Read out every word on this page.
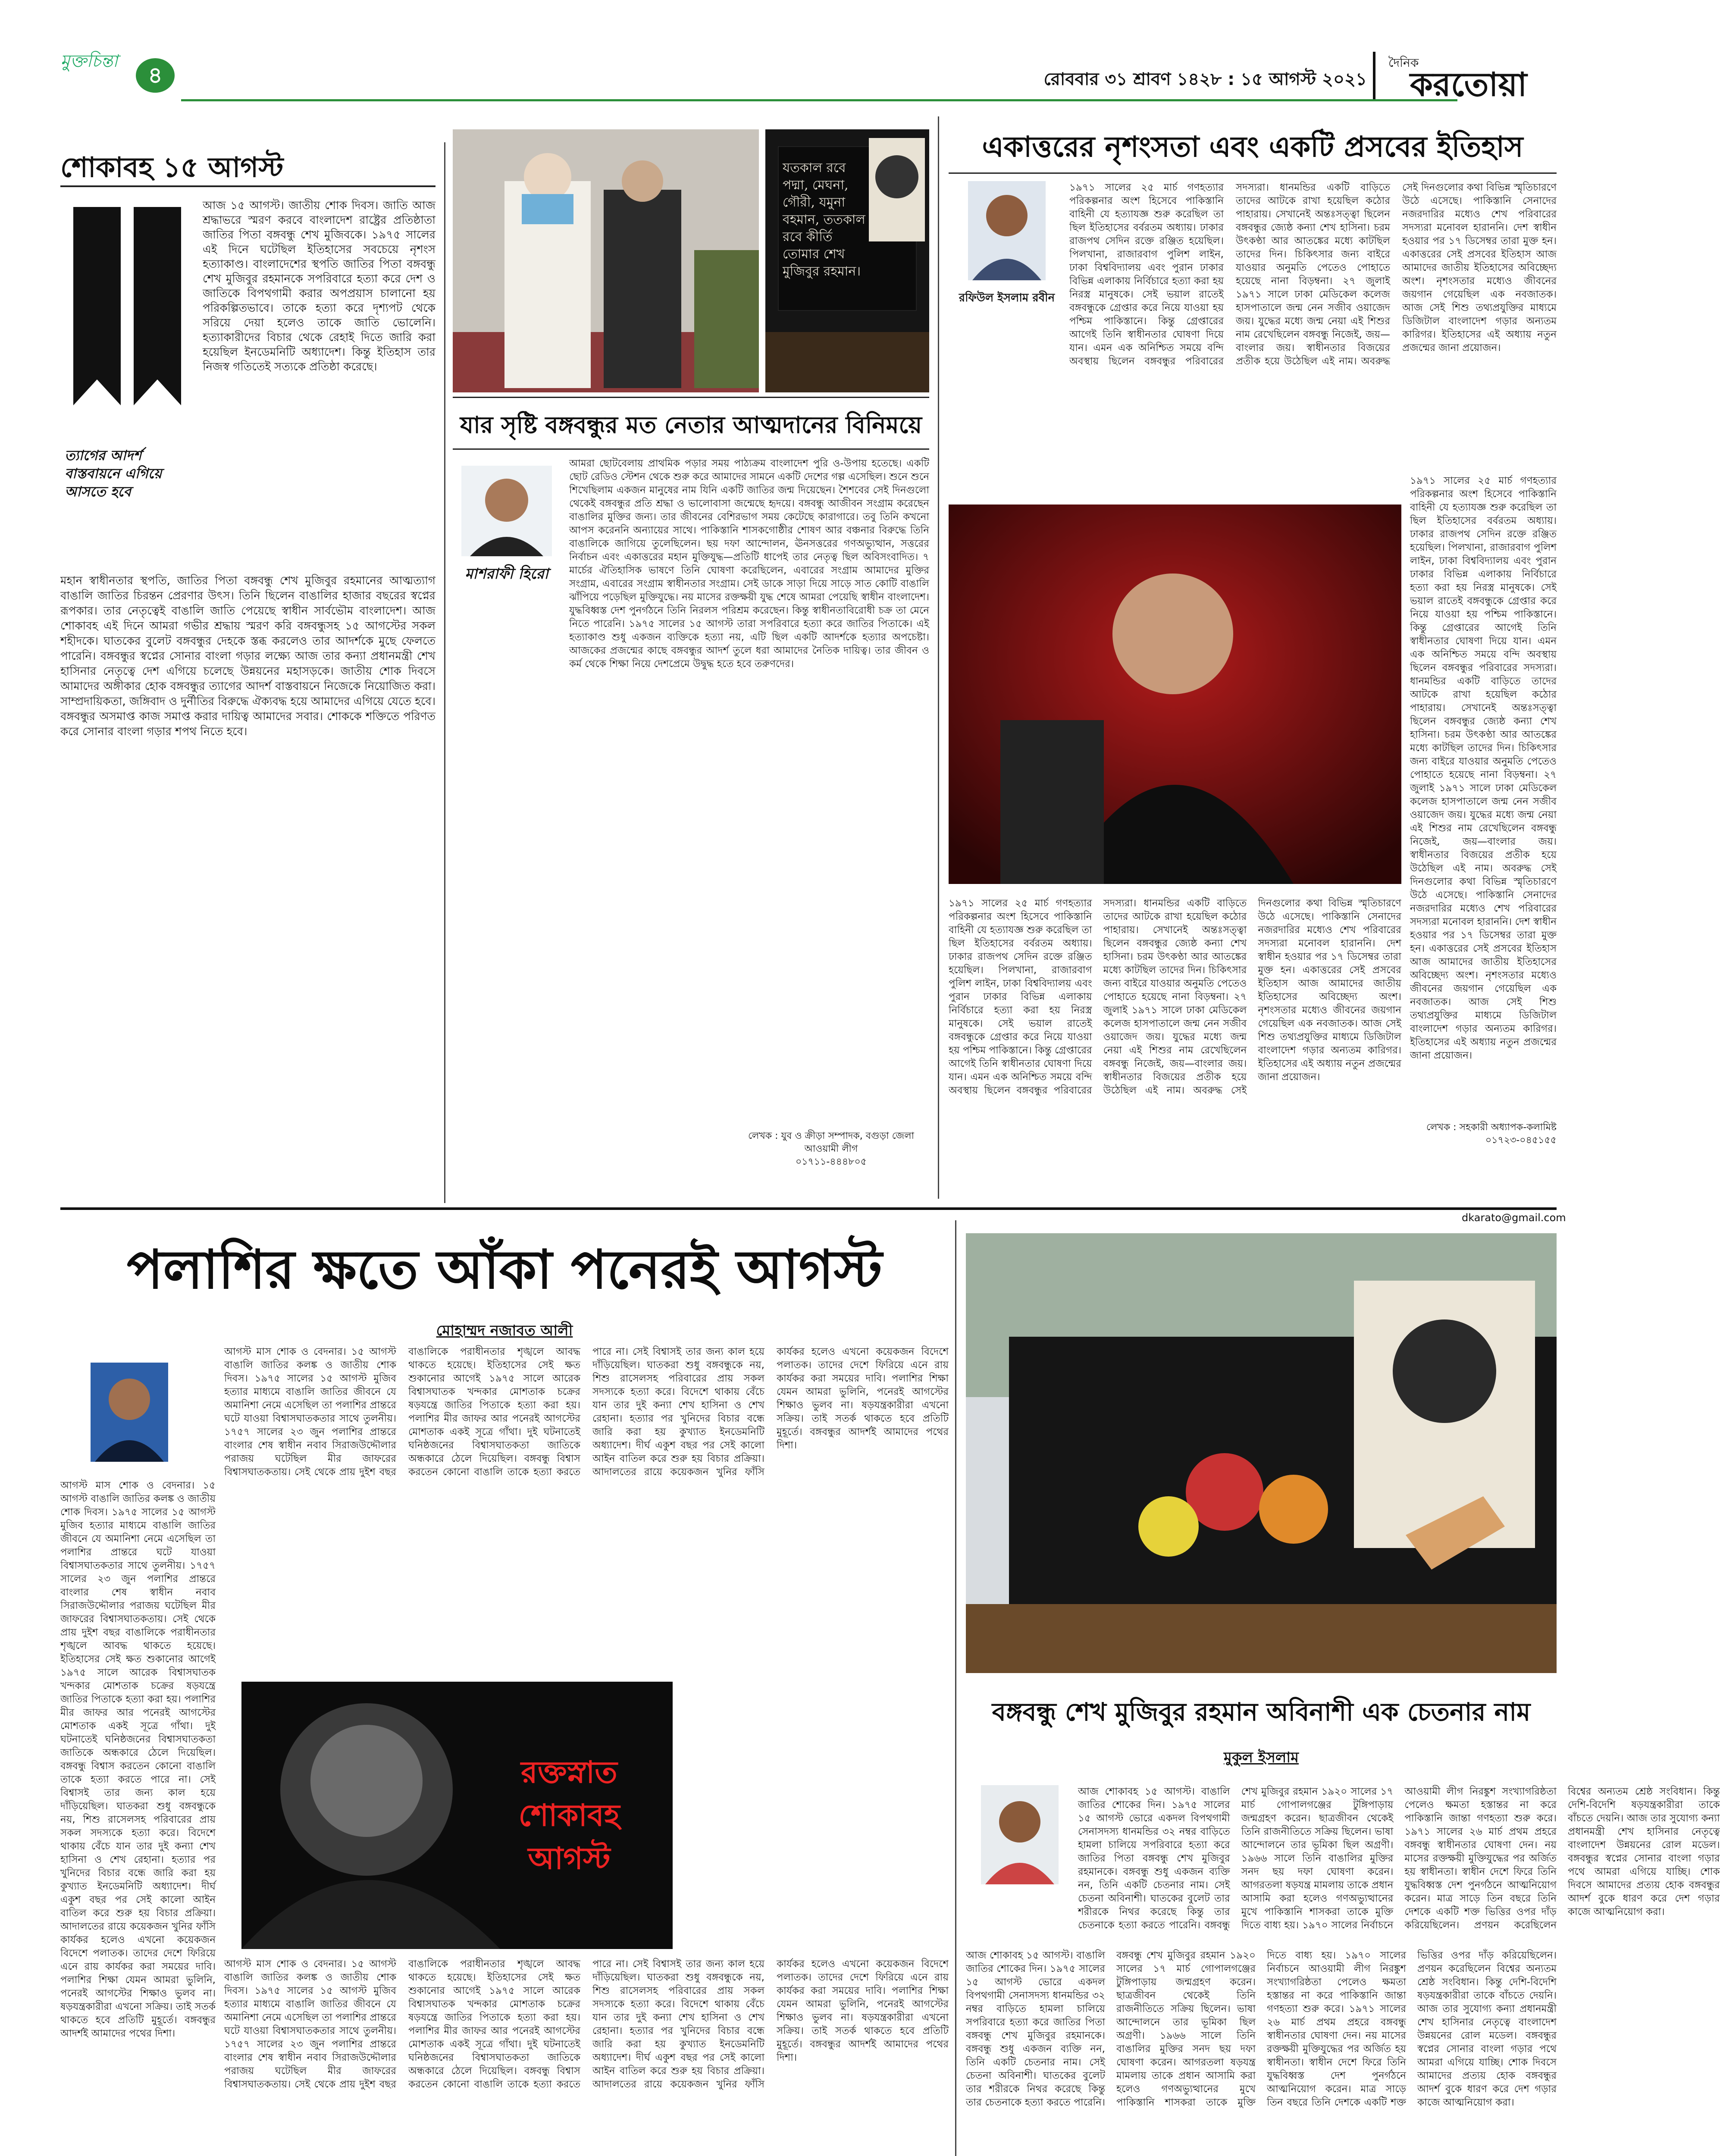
মুক্তচিন্তা
৪	রোববার ৩১ শ্রাবণ ১৪২৮ : ১৫ আগস্ট ২০২১
দৈনিক
করতোয়া
শোকাবহ ১৫ আগস্ট
ত্যাগের আদর্শ বাস্তবায়নে এগিয়ে আসতে হবে
আজ ১৫ আগস্ট। জাতীয় শোক দিবস। জাতি আজ শ্রদ্ধাভরে স্মরণ করবে বাংলাদেশ রাষ্ট্রের প্রতিষ্ঠাতা জাতির পিতা বঙ্গবন্ধু শেখ মুজিবকে। ১৯৭৫ সালের এই দিনে ঘটেছিল ইতিহাসের সবচেয়ে নৃশংস হত্যাকাণ্ড। বাংলাদেশের স্থপতি জাতির পিতা বঙ্গবন্ধু শেখ মুজিবুর রহমানকে সপরিবারে হত্যা করে দেশ ও জাতিকে বিপথগামী করার অপপ্রয়াস চালানো হয় পরিকল্পিতভাবে। তাকে হত্যা করে দৃশ্যপট থেকে সরিয়ে দেয়া হলেও তাকে জাতি ভোলেনি। হত্যাকারীদের বিচার থেকে রেহাই দিতে জারি করা হয়েছিল ইনডেমনিটি অধ্যাদেশ। কিন্তু ইতিহাস তার নিজস্ব গতিতেই সত্যকে প্রতিষ্ঠা করেছে।
মহান স্বাধীনতার স্থপতি, জাতির পিতা বঙ্গবন্ধু শেখ মুজিবুর রহমানের আত্মত্যাগ বাঙালি জাতির চিরন্তন প্রেরণার উৎস। তিনি ছিলেন বাঙালির হাজার বছরের স্বপ্নের রূপকার। তার নেতৃত্বেই বাঙালি জাতি পেয়েছে স্বাধীন সার্বভৌম বাংলাদেশ। আজ শোকাবহ এই দিনে আমরা গভীর শ্রদ্ধায় স্মরণ করি বঙ্গবন্ধুসহ ১৫ আগস্টের সকল শহীদকে। ঘাতকের বুলেট বঙ্গবন্ধুর দেহকে স্তব্ধ করলেও তার আদর্শকে মুছে ফেলতে পারেনি। বঙ্গবন্ধুর স্বপ্নের সোনার বাংলা গড়ার লক্ষ্যে আজ তার কন্যা প্রধানমন্ত্রী শেখ হাসিনার নেতৃত্বে দেশ এগিয়ে চলেছে উন্নয়নের মহাসড়কে। জাতীয় শোক দিবসে আমাদের অঙ্গীকার হোক বঙ্গবন্ধুর ত্যাগের আদর্শ বাস্তবায়নে নিজেকে নিয়োজিত করা। সাম্প্রদায়িকতা, জঙ্গিবাদ ও দুর্নীতির বিরুদ্ধে ঐক্যবদ্ধ হয়ে আমাদের এগিয়ে যেতে হবে। বঙ্গবন্ধুর অসমাপ্ত কাজ সমাপ্ত করার দায়িত্ব আমাদের সবার। শোককে শক্তিতে পরিণত করে সোনার বাংলা গড়ার শপথ নিতে হবে।
যতকাল রবে পদ্মা, মেঘনা, গৌরী, যমুনা বহমান, ততকাল রবে কীর্তি তোমার শেখ মুজিবুর রহমান।
যার সৃষ্টি বঙ্গবন্ধুর মত নেতার আত্মদানের বিনিময়ে
মাশরাফী হিরো
আমরা ছোটবেলায় প্রাথমিক পড়ার সময় পাঠ্যক্রম বাংলাদেশ পুরি ও-উপায় হতেছে। একটি ছোট রেডিও স্টেশন থেকে শুরু করে আমাদের সামনে একটি দেশের গল্প এসেছিল। শুনে শুনে শিখেছিলাম একজন মানুষের নাম যিনি একটি জাতির জন্ম দিয়েছেন। শৈশবের সেই দিনগুলো থেকেই বঙ্গবন্ধুর প্রতি শ্রদ্ধা ও ভালোবাসা জন্মেছে হৃদয়ে। বঙ্গবন্ধু আজীবন সংগ্রাম করেছেন বাঙালির মুক্তির জন্য। তার জীবনের বেশিরভাগ সময় কেটেছে কারাগারে। তবু তিনি কখনো আপস করেননি অন্যায়ের সাথে। পাকিস্তানি শাসকগোষ্ঠীর শোষণ আর বঞ্চনার বিরুদ্ধে তিনি বাঙালিকে জাগিয়ে তুলেছিলেন। ছয় দফা আন্দোলন, ঊনসত্তরের গণঅভ্যুত্থান, সত্তরের নির্বাচন এবং একাত্তরের মহান মুক্তিযুদ্ধ—প্রতিটি ধাপেই তার নেতৃত্ব ছিল অবিসংবাদিত। ৭ মার্চের ঐতিহাসিক ভাষণে তিনি ঘোষণা করেছিলেন, এবারের সংগ্রাম আমাদের মুক্তির সংগ্রাম, এবারের সংগ্রাম স্বাধীনতার সংগ্রাম। সেই ডাকে সাড়া দিয়ে সাড়ে সাত কোটি বাঙালি ঝাঁপিয়ে পড়েছিল মুক্তিযুদ্ধে। নয় মাসের রক্তক্ষয়ী যুদ্ধ শেষে আমরা পেয়েছি স্বাধীন বাংলাদেশ। যুদ্ধবিধ্বস্ত দেশ পুনর্গঠনে তিনি নিরলস পরিশ্রম করেছেন। কিন্তু স্বাধীনতাবিরোধী চক্র তা মেনে নিতে পারেনি। ১৯৭৫ সালের ১৫ আগস্ট তারা সপরিবারে হত্যা করে জাতির পিতাকে। এই হত্যাকাণ্ড শুধু একজন ব্যক্তিকে হত্যা নয়, এটি ছিল একটি আদর্শকে হত্যার অপচেষ্টা। আজকের প্রজন্মের কাছে বঙ্গবন্ধুর আদর্শ তুলে ধরা আমাদের নৈতিক দায়িত্ব। তার জীবন ও কর্ম থেকে শিক্ষা নিয়ে দেশপ্রেমে উদ্বুদ্ধ হতে হবে তরুণদের।
লেখক : যুব ও ক্রীড়া সম্পাদক, বগুড়া জেলা আওয়ামী লীগ
০১৭১১-৪৪৪৮০৫
একাত্তরের নৃশংসতা এবং একটি প্রসবের ইতিহাস
রফিউল ইসলাম রবীন
১৯৭১ সালের ২৫ মার্চ গণহত্যার পরিকল্পনার অংশ হিসেবে পাকিস্তানি বাহিনী যে হত্যাযজ্ঞ শুরু করেছিল তা ছিল ইতিহাসের বর্বরতম অধ্যায়। ঢাকার রাজপথ সেদিন রক্তে রঞ্জিত হয়েছিল। পিলখানা, রাজারবাগ পুলিশ লাইন, ঢাকা বিশ্ববিদ্যালয় এবং পুরান ঢাকার বিভিন্ন এলাকায় নির্বিচারে হত্যা করা হয় নিরস্ত্র মানুষকে। সেই ভয়াল রাতেই বঙ্গবন্ধুকে গ্রেপ্তার করে নিয়ে যাওয়া হয় পশ্চিম পাকিস্তানে। কিন্তু গ্রেপ্তারের আগেই তিনি স্বাধীনতার ঘোষণা দিয়ে যান। এমন এক অনিশ্চিত সময়ে বন্দি অবস্থায় ছিলেন বঙ্গবন্ধুর পরিবারের সদস্যরা। ধানমন্ডির একটি বাড়িতে তাদের আটকে রাখা হয়েছিল কঠোর পাহারায়। সেখানেই অন্তঃসত্ত্বা ছিলেন বঙ্গবন্ধুর জ্যেষ্ঠ কন্যা শেখ হাসিনা। চরম উৎকণ্ঠা আর আতঙ্কের মধ্যে কাটছিল তাদের দিন। চিকিৎসার জন্য বাইরে যাওয়ার অনুমতি পেতেও পোহাতে হয়েছে নানা বিড়ম্বনা। ২৭ জুলাই ১৯৭১ সালে ঢাকা মেডিকেল কলেজ হাসপাতালে জন্ম নেন সজীব ওয়াজেদ জয়। যুদ্ধের মধ্যে জন্ম নেয়া এই শিশুর নাম রেখেছিলেন বঙ্গবন্ধু নিজেই, জয়—বাংলার জয়। স্বাধীনতার বিজয়ের প্রতীক হয়ে উঠেছিল এই নাম। অবরুদ্ধ সেই দিনগুলোর কথা বিভিন্ন স্মৃতিচারণে উঠে এসেছে। পাকিস্তানি সেনাদের নজরদারির মধ্যেও শেখ পরিবারের সদস্যরা মনোবল হারাননি। দেশ স্বাধীন হওয়ার পর ১৭ ডিসেম্বর তারা মুক্ত হন। একাত্তরের সেই প্রসবের ইতিহাস আজ আমাদের জাতীয় ইতিহাসের অবিচ্ছেদ্য অংশ। নৃশংসতার মধ্যেও জীবনের জয়গান গেয়েছিল এক নবজাতক। আজ সেই শিশু তথ্যপ্রযুক্তির মাধ্যমে ডিজিটাল বাংলাদেশ গড়ার অন্যতম কারিগর। ইতিহাসের এই অধ্যায় নতুন প্রজন্মের জানা প্রয়োজন।
১৯৭১ সালের ২৫ মার্চ গণহত্যার পরিকল্পনার অংশ হিসেবে পাকিস্তানি বাহিনী যে হত্যাযজ্ঞ শুরু করেছিল তা ছিল ইতিহাসের বর্বরতম অধ্যায়। ঢাকার রাজপথ সেদিন রক্তে রঞ্জিত হয়েছিল। পিলখানা, রাজারবাগ পুলিশ লাইন, ঢাকা বিশ্ববিদ্যালয় এবং পুরান ঢাকার বিভিন্ন এলাকায় নির্বিচারে হত্যা করা হয় নিরস্ত্র মানুষকে। সেই ভয়াল রাতেই বঙ্গবন্ধুকে গ্রেপ্তার করে নিয়ে যাওয়া হয় পশ্চিম পাকিস্তানে। কিন্তু গ্রেপ্তারের আগেই তিনি স্বাধীনতার ঘোষণা দিয়ে যান। এমন এক অনিশ্চিত সময়ে বন্দি অবস্থায় ছিলেন বঙ্গবন্ধুর পরিবারের সদস্যরা। ধানমন্ডির একটি বাড়িতে তাদের আটকে রাখা হয়েছিল কঠোর পাহারায়। সেখানেই অন্তঃসত্ত্বা ছিলেন বঙ্গবন্ধুর জ্যেষ্ঠ কন্যা শেখ হাসিনা। চরম উৎকণ্ঠা আর আতঙ্কের মধ্যে কাটছিল তাদের দিন। চিকিৎসার জন্য বাইরে যাওয়ার অনুমতি পেতেও পোহাতে হয়েছে নানা বিড়ম্বনা। ২৭ জুলাই ১৯৭১ সালে ঢাকা মেডিকেল কলেজ হাসপাতালে জন্ম নেন সজীব ওয়াজেদ জয়। যুদ্ধের মধ্যে জন্ম নেয়া এই শিশুর নাম রেখেছিলেন বঙ্গবন্ধু নিজেই, জয়—বাংলার জয়। স্বাধীনতার বিজয়ের প্রতীক হয়ে উঠেছিল এই নাম। অবরুদ্ধ সেই দিনগুলোর কথা বিভিন্ন স্মৃতিচারণে উঠে এসেছে। পাকিস্তানি সেনাদের নজরদারির মধ্যেও শেখ পরিবারের সদস্যরা মনোবল হারাননি। দেশ স্বাধীন হওয়ার পর ১৭ ডিসেম্বর তারা মুক্ত হন। একাত্তরের সেই প্রসবের ইতিহাস আজ আমাদের জাতীয় ইতিহাসের অবিচ্ছেদ্য অংশ। নৃশংসতার মধ্যেও জীবনের জয়গান গেয়েছিল এক নবজাতক। আজ সেই শিশু তথ্যপ্রযুক্তির মাধ্যমে ডিজিটাল বাংলাদেশ গড়ার অন্যতম কারিগর। ইতিহাসের এই অধ্যায় নতুন প্রজন্মের জানা প্রয়োজন।
১৯৭১ সালের ২৫ মার্চ গণহত্যার পরিকল্পনার অংশ হিসেবে পাকিস্তানি বাহিনী যে হত্যাযজ্ঞ শুরু করেছিল তা ছিল ইতিহাসের বর্বরতম অধ্যায়। ঢাকার রাজপথ সেদিন রক্তে রঞ্জিত হয়েছিল। পিলখানা, রাজারবাগ পুলিশ লাইন, ঢাকা বিশ্ববিদ্যালয় এবং পুরান ঢাকার বিভিন্ন এলাকায় নির্বিচারে হত্যা করা হয় নিরস্ত্র মানুষকে। সেই ভয়াল রাতেই বঙ্গবন্ধুকে গ্রেপ্তার করে নিয়ে যাওয়া হয় পশ্চিম পাকিস্তানে। কিন্তু গ্রেপ্তারের আগেই তিনি স্বাধীনতার ঘোষণা দিয়ে যান। এমন এক অনিশ্চিত সময়ে বন্দি অবস্থায় ছিলেন বঙ্গবন্ধুর পরিবারের সদস্যরা। ধানমন্ডির একটি বাড়িতে তাদের আটকে রাখা হয়েছিল কঠোর পাহারায়। সেখানেই অন্তঃসত্ত্বা ছিলেন বঙ্গবন্ধুর জ্যেষ্ঠ কন্যা শেখ হাসিনা। চরম উৎকণ্ঠা আর আতঙ্কের মধ্যে কাটছিল তাদের দিন। চিকিৎসার জন্য বাইরে যাওয়ার অনুমতি পেতেও পোহাতে হয়েছে নানা বিড়ম্বনা। ২৭ জুলাই ১৯৭১ সালে ঢাকা মেডিকেল কলেজ হাসপাতালে জন্ম নেন সজীব ওয়াজেদ জয়। যুদ্ধের মধ্যে জন্ম নেয়া এই শিশুর নাম রেখেছিলেন বঙ্গবন্ধু নিজেই, জয়—বাংলার জয়। স্বাধীনতার বিজয়ের প্রতীক হয়ে উঠেছিল এই নাম। অবরুদ্ধ সেই দিনগুলোর কথা বিভিন্ন স্মৃতিচারণে উঠে এসেছে। পাকিস্তানি সেনাদের নজরদারির মধ্যেও শেখ পরিবারের সদস্যরা মনোবল হারাননি। দেশ স্বাধীন হওয়ার পর ১৭ ডিসেম্বর তারা মুক্ত হন। একাত্তরের সেই প্রসবের ইতিহাস আজ আমাদের জাতীয় ইতিহাসের অবিচ্ছেদ্য অংশ। নৃশংসতার মধ্যেও জীবনের জয়গান গেয়েছিল এক নবজাতক। আজ সেই শিশু তথ্যপ্রযুক্তির মাধ্যমে ডিজিটাল বাংলাদেশ গড়ার অন্যতম কারিগর। ইতিহাসের এই অধ্যায় নতুন প্রজন্মের জানা প্রয়োজন।
লেখক : সহকারী অধ্যাপক-কলামিষ্ট
০১৭২৩-০৪৫১৫৫
dkarato@gmail.com
পলাশির ক্ষতে আঁকা পনেরই আগস্ট
মোহাম্মদ নজাবত আলী
আগস্ট মাস শোক ও বেদনার। ১৫ আগস্ট বাঙালি জাতির কলঙ্ক ও জাতীয় শোক দিবস। ১৯৭৫ সালের ১৫ আগস্ট মুজিব হত্যার মাধ্যমে বাঙালি জাতির জীবনে যে অমানিশা নেমে এসেছিল তা পলাশির প্রান্তরে ঘটে যাওয়া বিশ্বাসঘাতকতার সাথে তুলনীয়। ১৭৫৭ সালের ২৩ জুন পলাশির প্রান্তরে বাংলার শেষ স্বাধীন নবাব সিরাজউদ্দৌলার পরাজয় ঘটেছিল মীর জাফরের বিশ্বাসঘাতকতায়। সেই থেকে প্রায় দুইশ বছর বাঙালিকে পরাধীনতার শৃঙ্খলে আবদ্ধ থাকতে হয়েছে। ইতিহাসের সেই ক্ষত শুকানোর আগেই ১৯৭৫ সালে আরেক বিশ্বাসঘাতক খন্দকার মোশতাক চক্রের ষড়যন্ত্রে জাতির পিতাকে হত্যা করা হয়। পলাশির মীর জাফর আর পনেরই আগস্টের মোশতাক একই সূত্রে গাঁথা। দুই ঘটনাতেই ঘনিষ্ঠজনের বিশ্বাসঘাতকতা জাতিকে অন্ধকারে ঠেলে দিয়েছিল। বঙ্গবন্ধু বিশ্বাস করতেন কোনো বাঙালি তাকে হত্যা করতে পারে না। সেই বিশ্বাসই তার জন্য কাল হয়ে দাঁড়িয়েছিল। ঘাতকরা শুধু বঙ্গবন্ধুকে নয়, শিশু রাসেলসহ পরিবারের প্রায় সকল সদস্যকে হত্যা করে। বিদেশে থাকায় বেঁচে যান তার দুই কন্যা শেখ হাসিনা ও শেখ রেহানা। হত্যার পর খুনিদের বিচার বন্ধে জারি করা হয় কুখ্যাত ইনডেমনিটি অধ্যাদেশ। দীর্ঘ একুশ বছর পর সেই কালো আইন বাতিল করে শুরু হয় বিচার প্রক্রিয়া। আদালতের রায়ে কয়েকজন খুনির ফাঁসি কার্যকর হলেও এখনো কয়েকজন বিদেশে পলাতক। তাদের দেশে ফিরিয়ে এনে রায় কার্যকর করা সময়ের দাবি। পলাশির শিক্ষা যেমন আমরা ভুলিনি, পনেরই আগস্টের শিক্ষাও ভুলব না। ষড়যন্ত্রকারীরা এখনো সক্রিয়। তাই সতর্ক থাকতে হবে প্রতিটি মুহূর্তে। বঙ্গবন্ধুর আদর্শই আমাদের পথের দিশা।
আগস্ট মাস শোক ও বেদনার। ১৫ আগস্ট বাঙালি জাতির কলঙ্ক ও জাতীয় শোক দিবস। ১৯৭৫ সালের ১৫ আগস্ট মুজিব হত্যার মাধ্যমে বাঙালি জাতির জীবনে যে অমানিশা নেমে এসেছিল তা পলাশির প্রান্তরে ঘটে যাওয়া বিশ্বাসঘাতকতার সাথে তুলনীয়। ১৭৫৭ সালের ২৩ জুন পলাশির প্রান্তরে বাংলার শেষ স্বাধীন নবাব সিরাজউদ্দৌলার পরাজয় ঘটেছিল মীর জাফরের বিশ্বাসঘাতকতায়। সেই থেকে প্রায় দুইশ বছর বাঙালিকে পরাধীনতার শৃঙ্খলে আবদ্ধ থাকতে হয়েছে। ইতিহাসের সেই ক্ষত শুকানোর আগেই ১৯৭৫ সালে আরেক বিশ্বাসঘাতক খন্দকার মোশতাক চক্রের ষড়যন্ত্রে জাতির পিতাকে হত্যা করা হয়। পলাশির মীর জাফর আর পনেরই আগস্টের মোশতাক একই সূত্রে গাঁথা। দুই ঘটনাতেই ঘনিষ্ঠজনের বিশ্বাসঘাতকতা জাতিকে অন্ধকারে ঠেলে দিয়েছিল। বঙ্গবন্ধু বিশ্বাস করতেন কোনো বাঙালি তাকে হত্যা করতে পারে না। সেই বিশ্বাসই তার জন্য কাল হয়ে দাঁড়িয়েছিল। ঘাতকরা শুধু বঙ্গবন্ধুকে নয়, শিশু রাসেলসহ পরিবারের প্রায় সকল সদস্যকে হত্যা করে। বিদেশে থাকায় বেঁচে যান তার দুই কন্যা শেখ হাসিনা ও শেখ রেহানা। হত্যার পর খুনিদের বিচার বন্ধে জারি করা হয় কুখ্যাত ইনডেমনিটি অধ্যাদেশ। দীর্ঘ একুশ বছর পর সেই কালো আইন বাতিল করে শুরু হয় বিচার প্রক্রিয়া। আদালতের রায়ে কয়েকজন খুনির ফাঁসি কার্যকর হলেও এখনো কয়েকজন বিদেশে পলাতক। তাদের দেশে ফিরিয়ে এনে রায় কার্যকর করা সময়ের দাবি। পলাশির শিক্ষা যেমন আমরা ভুলিনি, পনেরই আগস্টের শিক্ষাও ভুলব না। ষড়যন্ত্রকারীরা এখনো সক্রিয়। তাই সতর্ক থাকতে হবে প্রতিটি মুহূর্তে। বঙ্গবন্ধুর আদর্শই আমাদের পথের দিশা।
রক্তস্নাত শোকাবহ আগস্ট
আগস্ট মাস শোক ও বেদনার। ১৫ আগস্ট বাঙালি জাতির কলঙ্ক ও জাতীয় শোক দিবস। ১৯৭৫ সালের ১৫ আগস্ট মুজিব হত্যার মাধ্যমে বাঙালি জাতির জীবনে যে অমানিশা নেমে এসেছিল তা পলাশির প্রান্তরে ঘটে যাওয়া বিশ্বাসঘাতকতার সাথে তুলনীয়। ১৭৫৭ সালের ২৩ জুন পলাশির প্রান্তরে বাংলার শেষ স্বাধীন নবাব সিরাজউদ্দৌলার পরাজয় ঘটেছিল মীর জাফরের বিশ্বাসঘাতকতায়। সেই থেকে প্রায় দুইশ বছর বাঙালিকে পরাধীনতার শৃঙ্খলে আবদ্ধ থাকতে হয়েছে। ইতিহাসের সেই ক্ষত শুকানোর আগেই ১৯৭৫ সালে আরেক বিশ্বাসঘাতক খন্দকার মোশতাক চক্রের ষড়যন্ত্রে জাতির পিতাকে হত্যা করা হয়। পলাশির মীর জাফর আর পনেরই আগস্টের মোশতাক একই সূত্রে গাঁথা। দুই ঘটনাতেই ঘনিষ্ঠজনের বিশ্বাসঘাতকতা জাতিকে অন্ধকারে ঠেলে দিয়েছিল। বঙ্গবন্ধু বিশ্বাস করতেন কোনো বাঙালি তাকে হত্যা করতে পারে না। সেই বিশ্বাসই তার জন্য কাল হয়ে দাঁড়িয়েছিল। ঘাতকরা শুধু বঙ্গবন্ধুকে নয়, শিশু রাসেলসহ পরিবারের প্রায় সকল সদস্যকে হত্যা করে। বিদেশে থাকায় বেঁচে যান তার দুই কন্যা শেখ হাসিনা ও শেখ রেহানা। হত্যার পর খুনিদের বিচার বন্ধে জারি করা হয় কুখ্যাত ইনডেমনিটি অধ্যাদেশ। দীর্ঘ একুশ বছর পর সেই কালো আইন বাতিল করে শুরু হয় বিচার প্রক্রিয়া। আদালতের রায়ে কয়েকজন খুনির ফাঁসি কার্যকর হলেও এখনো কয়েকজন বিদেশে পলাতক। তাদের দেশে ফিরিয়ে এনে রায় কার্যকর করা সময়ের দাবি। পলাশির শিক্ষা যেমন আমরা ভুলিনি, পনেরই আগস্টের শিক্ষাও ভুলব না। ষড়যন্ত্রকারীরা এখনো সক্রিয়। তাই সতর্ক থাকতে হবে প্রতিটি মুহূর্তে। বঙ্গবন্ধুর আদর্শই আমাদের পথের দিশা।
বঙ্গবন্ধু শেখ মুজিবুর রহমান অবিনাশী এক চেতনার নাম
মুকুল ইসলাম
আজ শোকাবহ ১৫ আগস্ট। বাঙালি জাতির শোকের দিন। ১৯৭৫ সালের ১৫ আগস্ট ভোরে একদল বিপথগামী সেনাসদস্য ধানমন্ডির ৩২ নম্বর বাড়িতে হামলা চালিয়ে সপরিবারে হত্যা করে জাতির পিতা বঙ্গবন্ধু শেখ মুজিবুর রহমানকে। বঙ্গবন্ধু শুধু একজন ব্যক্তি নন, তিনি একটি চেতনার নাম। সেই চেতনা অবিনাশী। ঘাতকের বুলেট তার শরীরকে নিথর করেছে কিন্তু তার চেতনাকে হত্যা করতে পারেনি। বঙ্গবন্ধু শেখ মুজিবুর রহমান ১৯২০ সালের ১৭ মার্চ গোপালগঞ্জের টুঙ্গিপাড়ায় জন্মগ্রহণ করেন। ছাত্রজীবন থেকেই তিনি রাজনীতিতে সক্রিয় ছিলেন। ভাষা আন্দোলনে তার ভূমিকা ছিল অগ্রণী। ১৯৬৬ সালে তিনি বাঙালির মুক্তির সনদ ছয় দফা ঘোষণা করেন। আগরতলা ষড়যন্ত্র মামলায় তাকে প্রধান আসামি করা হলেও গণঅভ্যুত্থানের মুখে পাকিস্তানি শাসকরা তাকে মুক্তি দিতে বাধ্য হয়। ১৯৭০ সালের নির্বাচনে আওয়ামী লীগ নিরঙ্কুশ সংখ্যাগরিষ্ঠতা পেলেও ক্ষমতা হস্তান্তর না করে পাকিস্তানি জান্তা গণহত্যা শুরু করে। ১৯৭১ সালের ২৬ মার্চ প্রথম প্রহরে বঙ্গবন্ধু স্বাধীনতার ঘোষণা দেন। নয় মাসের রক্তক্ষয়ী মুক্তিযুদ্ধের পর অর্জিত হয় স্বাধীনতা। স্বাধীন দেশে ফিরে তিনি যুদ্ধবিধ্বস্ত দেশ পুনর্গঠনে আত্মনিয়োগ করেন। মাত্র সাড়ে তিন বছরে তিনি দেশকে একটি শক্ত ভিত্তির ওপর দাঁড় করিয়েছিলেন। প্রণয়ন করেছিলেন বিশ্বের অন্যতম শ্রেষ্ঠ সংবিধান। কিন্তু দেশি-বিদেশি ষড়যন্ত্রকারীরা তাকে বাঁচতে দেয়নি। আজ তার সুযোগ্য কন্যা প্রধানমন্ত্রী শেখ হাসিনার নেতৃত্বে বাংলাদেশ উন্নয়নের রোল মডেল। বঙ্গবন্ধুর স্বপ্নের সোনার বাংলা গড়ার পথে আমরা এগিয়ে যাচ্ছি। শোক দিবসে আমাদের প্রত্যয় হোক বঙ্গবন্ধুর আদর্শ বুকে ধারণ করে দেশ গড়ার কাজে আত্মনিয়োগ করা।
আজ শোকাবহ ১৫ আগস্ট। বাঙালি জাতির শোকের দিন। ১৯৭৫ সালের ১৫ আগস্ট ভোরে একদল বিপথগামী সেনাসদস্য ধানমন্ডির ৩২ নম্বর বাড়িতে হামলা চালিয়ে সপরিবারে হত্যা করে জাতির পিতা বঙ্গবন্ধু শেখ মুজিবুর রহমানকে। বঙ্গবন্ধু শুধু একজন ব্যক্তি নন, তিনি একটি চেতনার নাম। সেই চেতনা অবিনাশী। ঘাতকের বুলেট তার শরীরকে নিথর করেছে কিন্তু তার চেতনাকে হত্যা করতে পারেনি। বঙ্গবন্ধু শেখ মুজিবুর রহমান ১৯২০ সালের ১৭ মার্চ গোপালগঞ্জের টুঙ্গিপাড়ায় জন্মগ্রহণ করেন। ছাত্রজীবন থেকেই তিনি রাজনীতিতে সক্রিয় ছিলেন। ভাষা আন্দোলনে তার ভূমিকা ছিল অগ্রণী। ১৯৬৬ সালে তিনি বাঙালির মুক্তির সনদ ছয় দফা ঘোষণা করেন। আগরতলা ষড়যন্ত্র মামলায় তাকে প্রধান আসামি করা হলেও গণঅভ্যুত্থানের মুখে পাকিস্তানি শাসকরা তাকে মুক্তি দিতে বাধ্য হয়। ১৯৭০ সালের নির্বাচনে আওয়ামী লীগ নিরঙ্কুশ সংখ্যাগরিষ্ঠতা পেলেও ক্ষমতা হস্তান্তর না করে পাকিস্তানি জান্তা গণহত্যা শুরু করে। ১৯৭১ সালের ২৬ মার্চ প্রথম প্রহরে বঙ্গবন্ধু স্বাধীনতার ঘোষণা দেন। নয় মাসের রক্তক্ষয়ী মুক্তিযুদ্ধের পর অর্জিত হয় স্বাধীনতা। স্বাধীন দেশে ফিরে তিনি যুদ্ধবিধ্বস্ত দেশ পুনর্গঠনে আত্মনিয়োগ করেন। মাত্র সাড়ে তিন বছরে তিনি দেশকে একটি শক্ত ভিত্তির ওপর দাঁড় করিয়েছিলেন। প্রণয়ন করেছিলেন বিশ্বের অন্যতম শ্রেষ্ঠ সংবিধান। কিন্তু দেশি-বিদেশি ষড়যন্ত্রকারীরা তাকে বাঁচতে দেয়নি। আজ তার সুযোগ্য কন্যা প্রধানমন্ত্রী শেখ হাসিনার নেতৃত্বে বাংলাদেশ উন্নয়নের রোল মডেল। বঙ্গবন্ধুর স্বপ্নের সোনার বাংলা গড়ার পথে আমরা এগিয়ে যাচ্ছি। শোক দিবসে আমাদের প্রত্যয় হোক বঙ্গবন্ধুর আদর্শ বুকে ধারণ করে দেশ গড়ার কাজে আত্মনিয়োগ করা।
